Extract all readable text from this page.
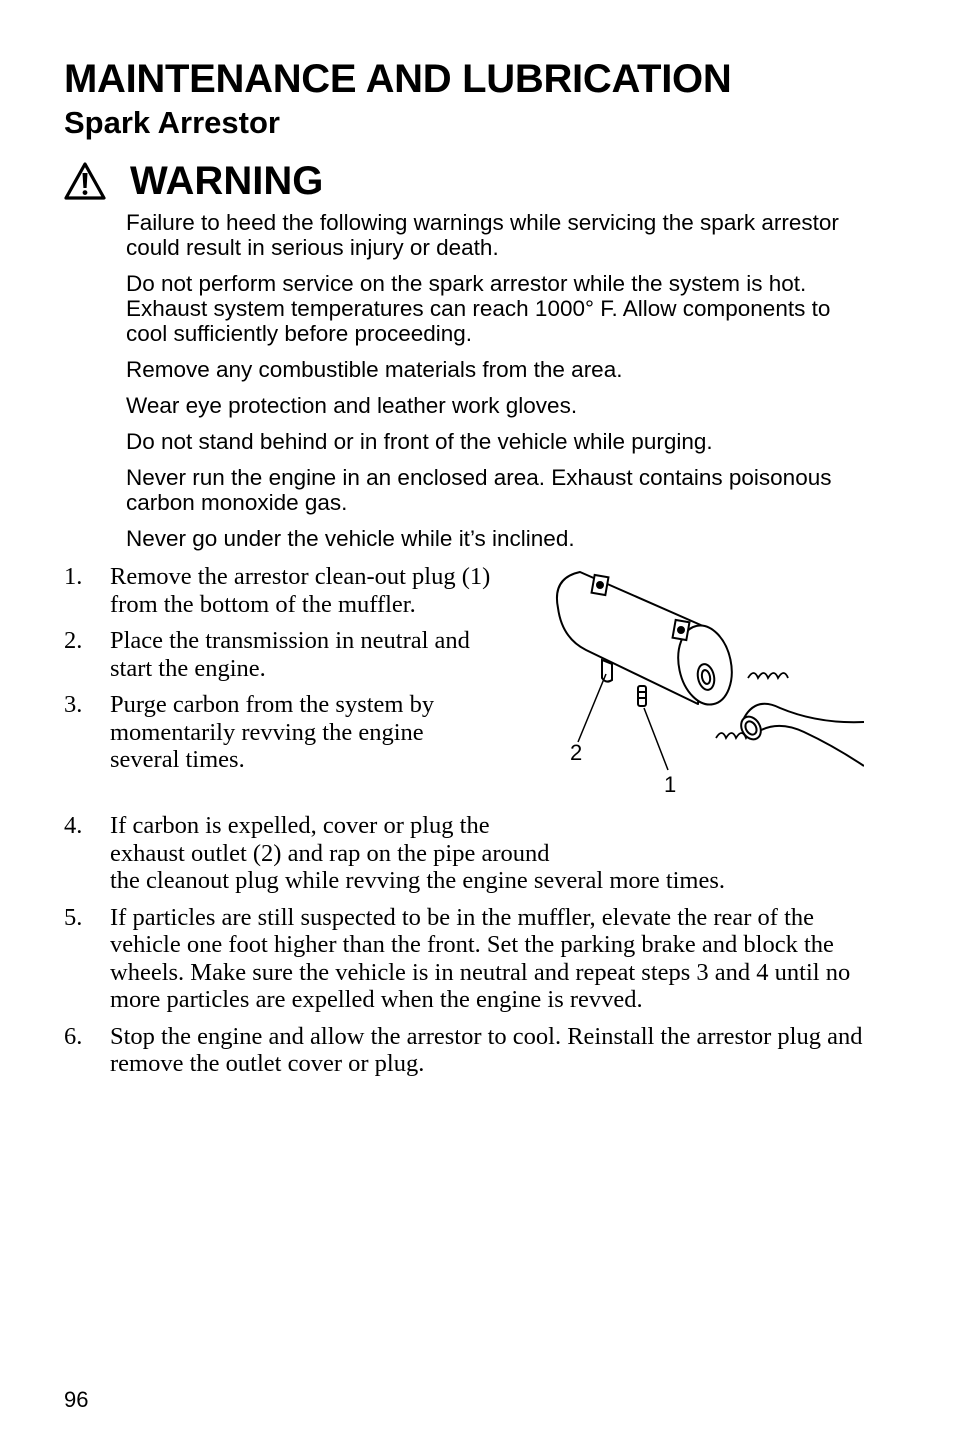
MAINTENANCE AND LUBRICATION
Spark Arrestor
WARNING

Failure to heed the following warnings while servicing the spark arrestor could result in serious injury or death.

Do not perform service on the spark arrestor while the system is hot. Exhaust system temperatures can reach 1000° F. Allow components to cool sufficiently before proceeding.

Remove any combustible materials from the area.

Wear eye protection and leather work gloves.

Do not stand behind or in front of the vehicle while purging.

Never run the engine in an enclosed area. Exhaust contains poisonous carbon monoxide gas.

Never go under the vehicle while it’s inclined.

1. Remove the arrestor clean-out plug (1) from the bottom of the muffler.
2. Place the transmission in neutral and start the engine.
3. Purge carbon from the system by momentarily revving the engine several times.
4. If carbon is expelled, cover or plug the exhaust outlet (2) and rap on the pipe around
the cleanout plug while revving the engine several more times.
5. If particles are still suspected to be in the muffler, elevate the rear of the vehicle one foot higher than the front. Set the parking brake and block the wheels. Make sure the vehicle is in neutral and repeat steps 3 and 4 until no more particles are expelled when the engine is revved.
6. Stop the engine and allow the arrestor to cool. Reinstall the arrestor plug and remove the outlet cover or plug.
2
1
96
